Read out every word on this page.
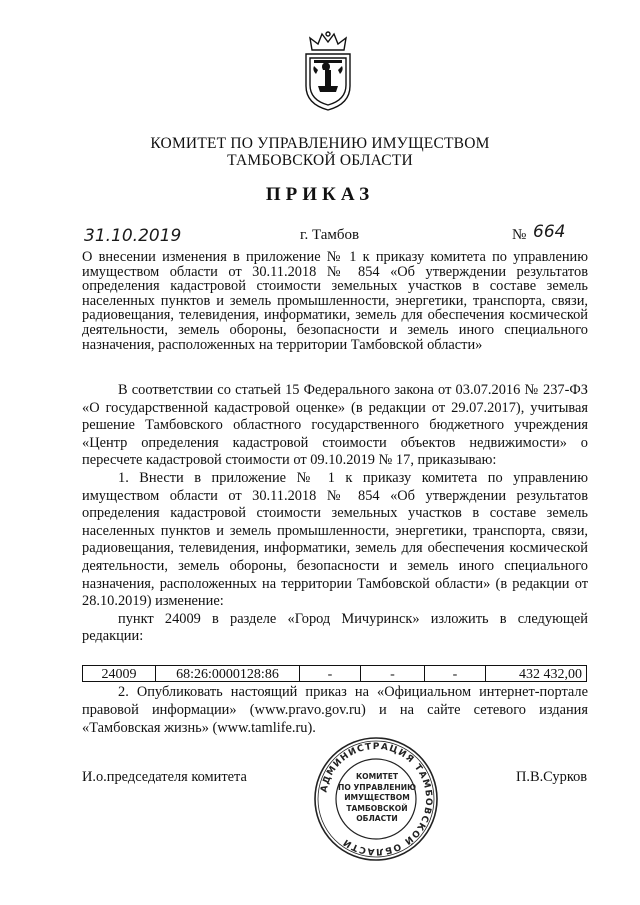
КОМИТЕТ ПО УПРАВЛЕНИЮ ИМУЩЕСТВОМ
ТАМБОВСКОЙ ОБЛАСТИ
ПРИКАЗ
31.10.2019	г. Тамбов	№ 664
О внесении изменения в приложение № 1 к приказу комитета по управлению имуществом области от 30.11.2018 № 854 «Об утверждении результатов определения кадастровой стоимости земельных участков в составе земель населенных пунктов и земель промышленности, энергетики, транспорта, связи, радиовещания, телевидения, информатики, земель для обеспечения космической деятельности, земель обороны, безопасности и земель иного специального назначения, расположенных на территории Тамбовской области»

В соответствии со статьей 15 Федерального закона от 03.07.2016 № 237-ФЗ «О государственной кадастровой оценке» (в редакции от 29.07.2017), учитывая решение Тамбовского областного государственного бюджетного учреждения «Центр определения кадастровой стоимости объектов недвижимости» о пересчете кадастровой стоимости от 09.10.2019 № 17, приказываю:

1. Внести в приложение № 1 к приказу комитета по управлению имуществом области от 30.11.2018 № 854 «Об утверждении результатов определения кадастровой стоимости земельных участков в составе земель населенных пунктов и земель промышленности, энергетики, транспорта, связи, радиовещания, телевидения, информатики, земель для обеспечения космической деятельности, земель обороны, безопасности и земель иного специального назначения, расположенных на территории Тамбовской области» (в редакции от 28.10.2019) изменение:

пункт 24009 в разделе «Город Мичуринск» изложить в следующей редакции:

24009	68:26:0000128:86	-	-	-	432 432,00

2. Опубликовать настоящий приказ на «Официальном интернет-портале правовой информации» (www.pravo.gov.ru) и на сайте сетевого издания «Тамбовская жизнь» (www.tamlife.ru).

И.о.председателя комитета	П.В.Сурков
АДМИНИСТРАЦИЯ ТАМБОВСКОЙ ОБЛАСТИ
КОМИТЕТ
ПО УПРАВЛЕНИЮ
ИМУЩЕСТВОМ
ТАМБОВСКОЙ
ОБЛАСТИ
